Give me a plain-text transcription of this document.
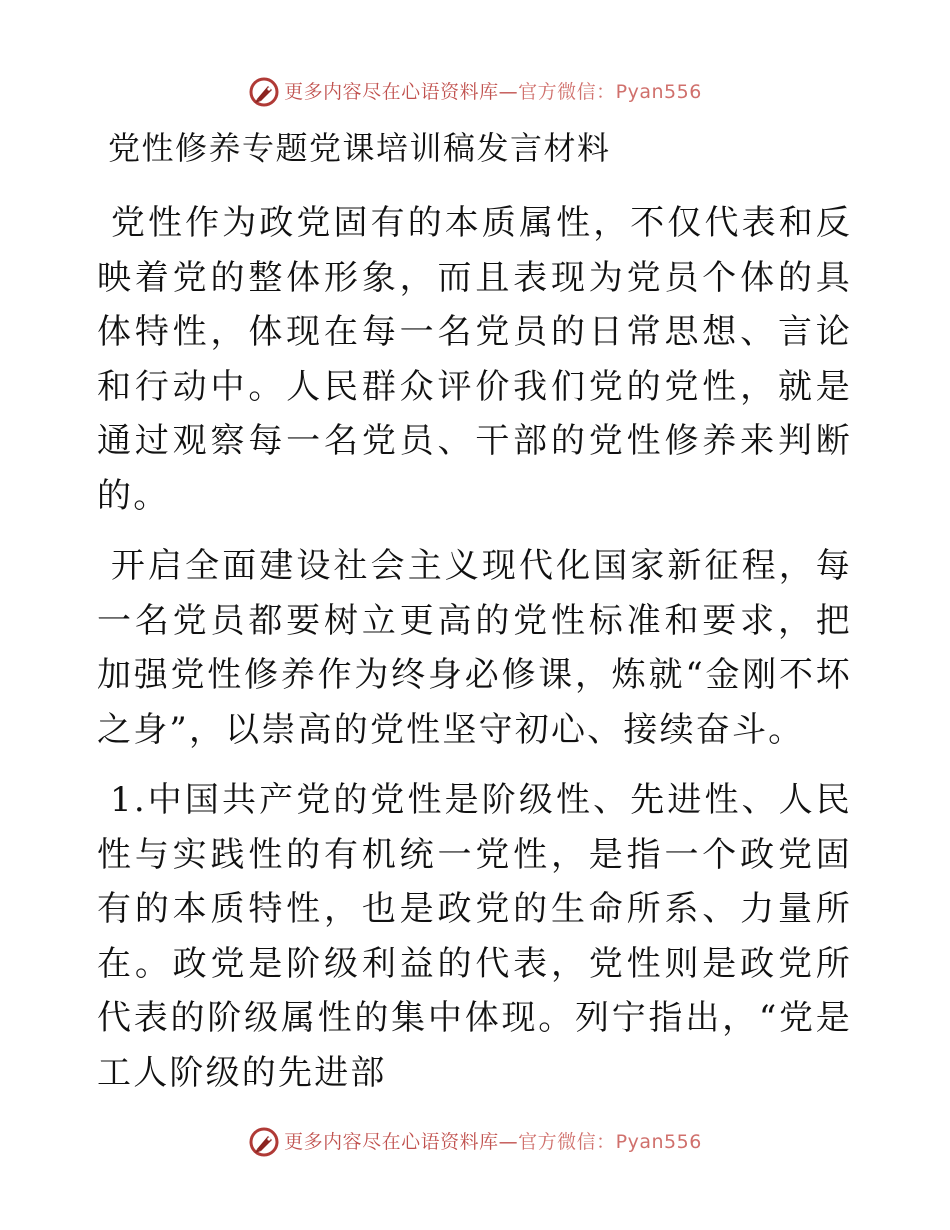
更多内容尽在心语资料库 — 官方微信：Pyan556
党性修养专题党课培训稿发言材料

党性作为政党固有的本质属性，不仅代表和反映着党的整体形象，而且表现为党员个体的具体特性，体现在每一名党员的日常思想、言论和行动中。人民群众评价我们党的党性，就是通过观察每一名党员、干部的党性修养来判断的。

开启全面建设社会主义现代化国家新征程，每一名党员都要树立更高的党性标准和要求，把加强党性修养作为终身必修课，炼就“金刚不坏之身”，以崇高的党性坚守初心、接续奋斗。

1.中国共产党的党性是阶级性、先进性、人民性与实践性的有机统一党性，是指一个政党固有的本质特性，也是政党的生命所系、力量所在。政党是阶级利益的代表，党性则是政党所代表的阶级属性的集中体现。列宁指出，“党是工人阶级的先进部

更多内容尽在心语资料库 — 官方微信：Pyan556
